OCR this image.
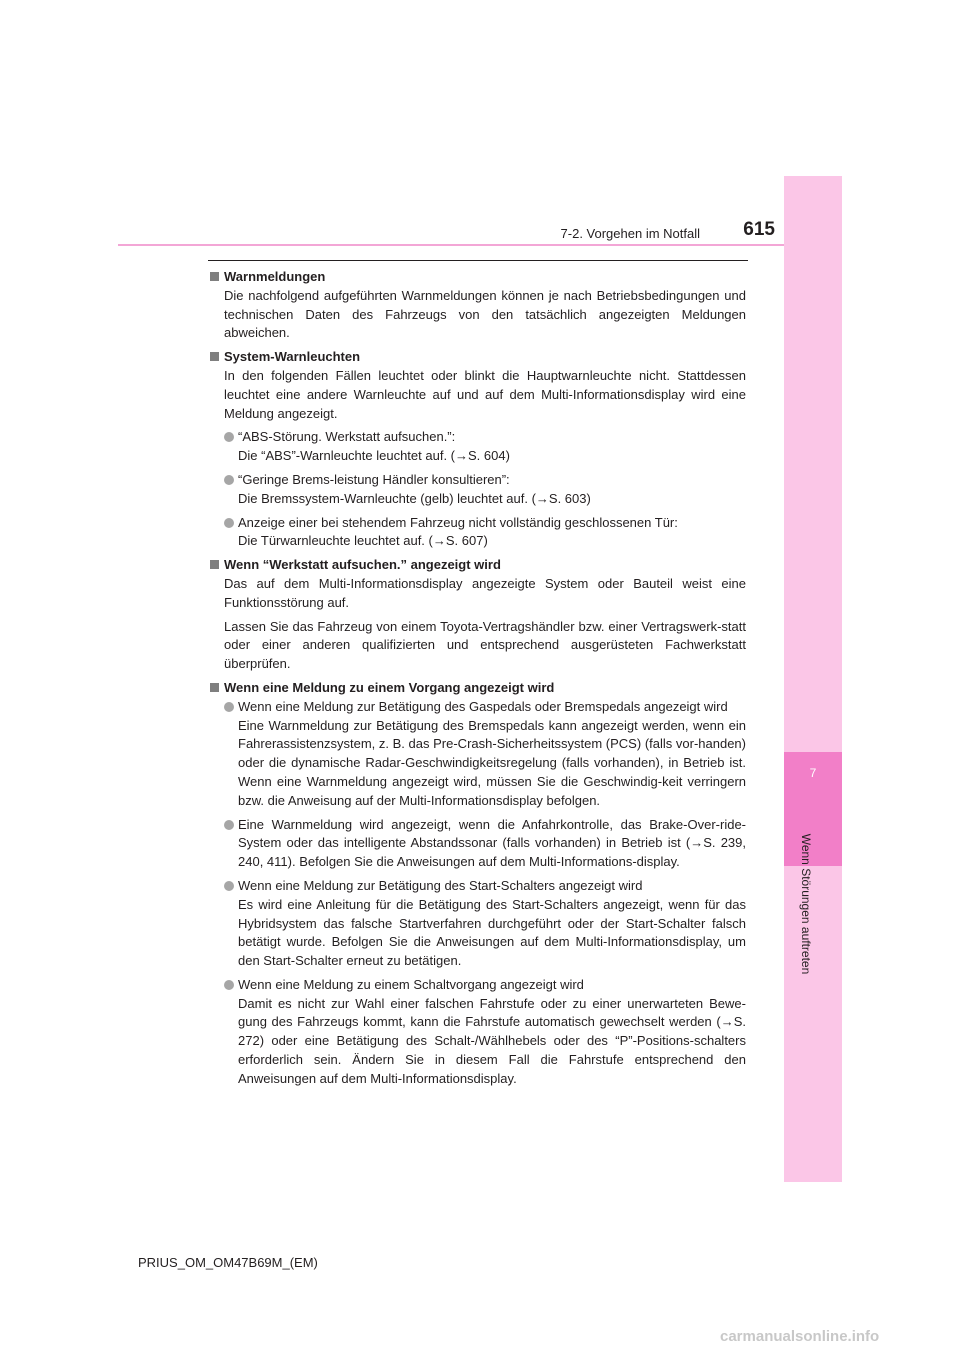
7
Wenn Störungen auftreten
7-2. Vorgehen im Notfall	615
Warnmeldungen

Die nachfolgend aufgeführten Warnmeldungen können je nach Betriebsbedingungen und technischen Daten des Fahrzeugs von den tatsächlich angezeigten Meldungen abweichen.

System-Warnleuchten

In den folgenden Fällen leuchtet oder blinkt die Hauptwarnleuchte nicht. Stattdessen leuchtet eine andere Warnleuchte auf und auf dem Multi-Informationsdisplay wird eine Meldung angezeigt.

“ABS-Störung. Werkstatt aufsuchen.”:
Die “ABS”-Warnleuchte leuchtet auf. (→S. 604)
“Geringe Brems-leistung Händler konsultieren”:
Die Bremssystem-Warnleuchte (gelb) leuchtet auf. (→S. 603)
Anzeige einer bei stehendem Fahrzeug nicht vollständig geschlossenen Tür:
Die Türwarnleuchte leuchtet auf. (→S. 607)
Wenn “Werkstatt aufsuchen.” angezeigt wird

Das auf dem Multi-Informationsdisplay angezeigte System oder Bauteil weist eine Funktionsstörung auf.

Lassen Sie das Fahrzeug von einem Toyota-Vertragshändler bzw. einer Vertragswerk-statt oder einer anderen qualifizierten und entsprechend ausgerüsteten Fachwerkstatt überprüfen.

Wenn eine Meldung zu einem Vorgang angezeigt wird
Wenn eine Meldung zur Betätigung des Gaspedals oder Bremspedals angezeigt wird
Eine Warnmeldung zur Betätigung des Bremspedals kann angezeigt werden, wenn ein Fahrerassistenzsystem, z. B. das Pre-Crash-Sicherheitssystem (PCS) (falls vor-handen) oder die dynamische Radar-Geschwindigkeitsregelung (falls vorhanden), in Betrieb ist. Wenn eine Warnmeldung angezeigt wird, müssen Sie die Geschwindig-keit verringern bzw. die Anweisung auf der Multi-Informationsdisplay befolgen.
Eine Warnmeldung wird angezeigt, wenn die Anfahrkontrolle, das Brake-Over-ride-System oder das intelligente Abstandssonar (falls vorhanden) in Betrieb ist (→S. 239, 240, 411). Befolgen Sie die Anweisungen auf dem Multi-Informations-display.
Wenn eine Meldung zur Betätigung des Start-Schalters angezeigt wird
Es wird eine Anleitung für die Betätigung des Start-Schalters angezeigt, wenn für das Hybridsystem das falsche Startverfahren durchgeführt oder der Start-Schalter falsch betätigt wurde. Befolgen Sie die Anweisungen auf dem Multi-Informationsdisplay, um den Start-Schalter erneut zu betätigen.
Wenn eine Meldung zu einem Schaltvorgang angezeigt wird
Damit es nicht zur Wahl einer falschen Fahrstufe oder zu einer unerwarteten Bewe-gung des Fahrzeugs kommt, kann die Fahrstufe automatisch gewechselt werden (→S. 272) oder eine Betätigung des Schalt-/Wählhebels oder des “P”-Positions-schalters erforderlich sein. Ändern Sie in diesem Fall die Fahrstufe entsprechend den Anweisungen auf dem Multi-Informationsdisplay.
PRIUS_OM_OM47B69M_(EM)
carmanualsonline.info
